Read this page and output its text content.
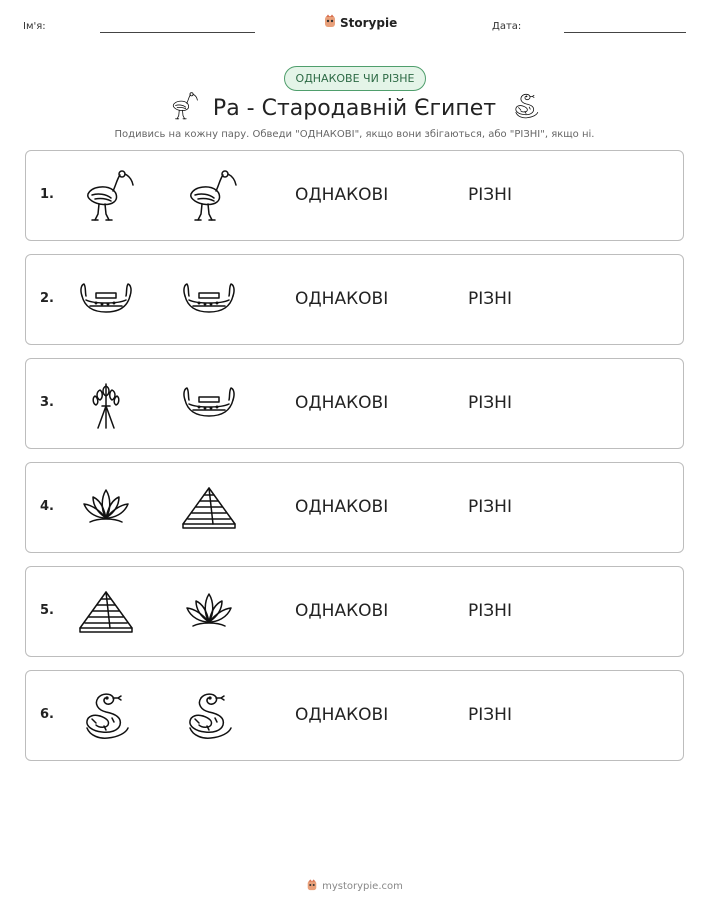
Ім'я:	Storypie	Дата:
ОДНАКОВЕ ЧИ РІЗНЕ
Ра - Стародавній Єгипет
Подивись на кожну пару. Обведи "ОДНАКОВІ", якщо вони збігаються, або "РІЗНІ", якщо ні.
1.	ОДНАКОВІ	РІЗНІ
2.	ОДНАКОВІ	РІЗНІ
3.	ОДНАКОВІ	РІЗНІ
4.	ОДНАКОВІ	РІЗНІ
5.	ОДНАКОВІ	РІЗНІ
6.	ОДНАКОВІ	РІЗНІ
mystorypie.com
